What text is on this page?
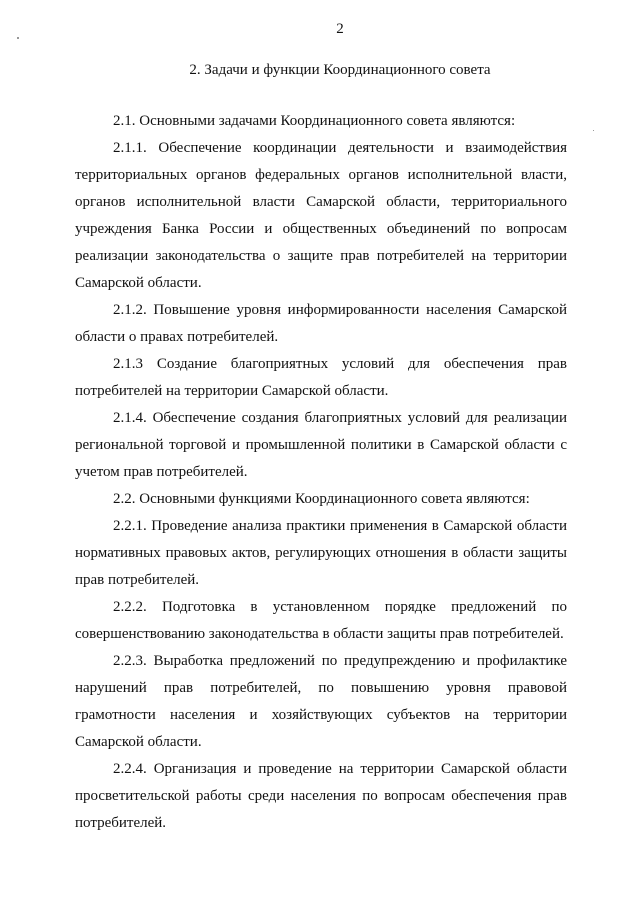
2
2. Задачи и функции Координационного совета

2.1. Основными задачами Координационного совета являются:

2.1.1. Обеспечение координации деятельности и взаимодействия территориальных органов федеральных органов исполнительной власти, органов исполнительной власти Самарской области, территориального учреждения Банка России и общественных объединений по вопросам реализации законодательства о защите прав потребителей на территории Самарской области.

2.1.2. Повышение уровня информированности населения Самарской области о правах потребителей.

2.1.3 Создание благоприятных условий для обеспечения прав потребителей на территории Самарской области.

2.1.4. Обеспечение создания благоприятных условий для реализации региональной торговой и промышленной политики в Самарской области с учетом прав потребителей.

2.2. Основными функциями Координационного совета являются:

2.2.1. Проведение анализа практики применения в Самарской области нормативных правовых актов, регулирующих отношения в области защиты прав потребителей.

2.2.2. Подготовка в установленном порядке предложений по совершенствованию законодательства в области защиты прав потребителей.

2.2.3. Выработка предложений по предупреждению и профилактике нарушений прав потребителей, по повышению уровня правовой грамотности населения и хозяйствующих субъектов на территории Самарской области.

2.2.4. Организация и проведение на территории Самарской области просветительской работы среди населения по вопросам обеспечения прав потребителей.
